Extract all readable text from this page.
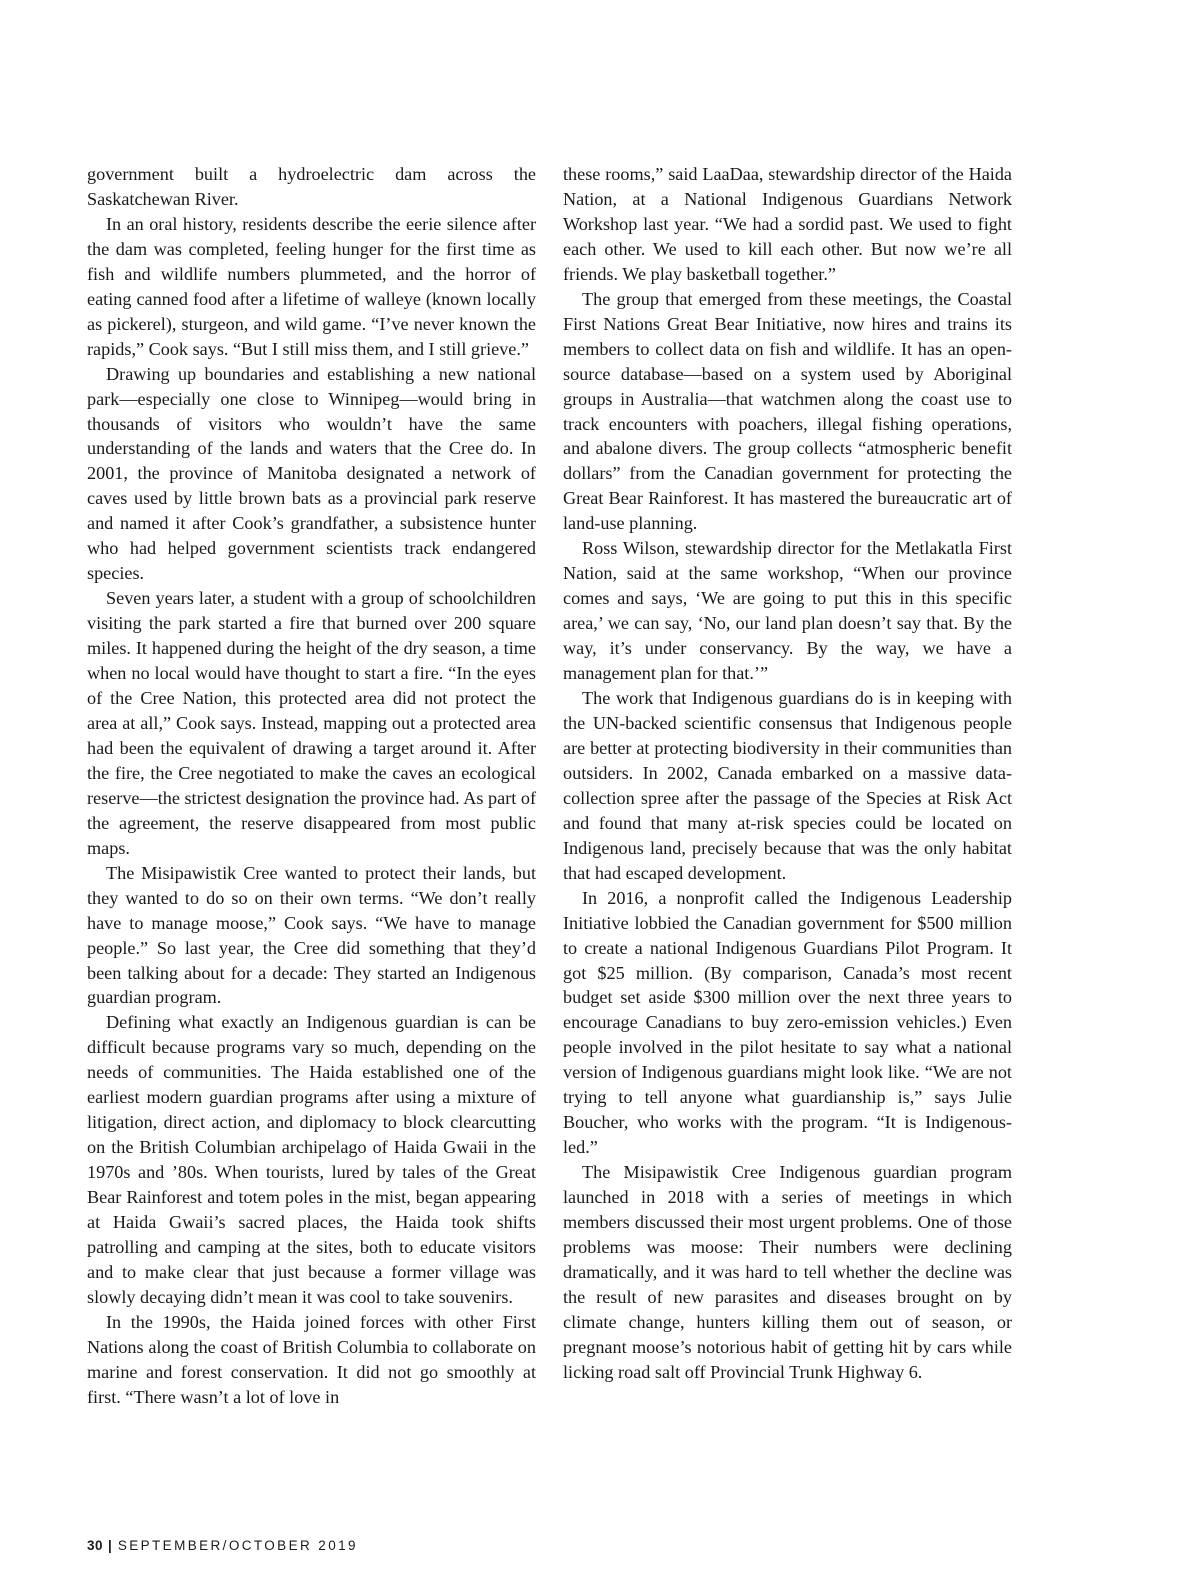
government built a hydroelectric dam across the Saskatchewan River.

In an oral history, residents describe the eerie silence after the dam was completed, feeling hunger for the first time as fish and wildlife numbers plummeted, and the horror of eating canned food after a lifetime of walleye (known locally as pickerel), sturgeon, and wild game. “I’ve never known the rapids,” Cook says. “But I still miss them, and I still grieve.”

Drawing up boundaries and establishing a new national park—especially one close to Winnipeg—would bring in thousands of visitors who wouldn’t have the same understanding of the lands and waters that the Cree do. In 2001, the province of Manitoba designated a network of caves used by little brown bats as a provincial park reserve and named it after Cook’s grandfather, a subsistence hunter who had helped government scientists track endangered species.

Seven years later, a student with a group of schoolchildren visiting the park started a fire that burned over 200 square miles. It happened during the height of the dry season, a time when no local would have thought to start a fire. “In the eyes of the Cree Nation, this protected area did not protect the area at all,” Cook says. Instead, mapping out a protected area had been the equivalent of drawing a target around it. After the fire, the Cree negotiated to make the caves an ecological reserve—the strictest designation the province had. As part of the agreement, the reserve disappeared from most public maps.

The Misipawistik Cree wanted to protect their lands, but they wanted to do so on their own terms. “We don’t really have to manage moose,” Cook says. “We have to manage people.” So last year, the Cree did something that they’d been talking about for a decade: They started an Indigenous guardian program.

Defining what exactly an Indigenous guardian is can be difficult because programs vary so much, depending on the needs of communities. The Haida established one of the earliest modern guardian programs after using a mixture of litigation, direct action, and diplomacy to block clearcutting on the British Columbian archipelago of Haida Gwaii in the 1970s and ’80s. When tourists, lured by tales of the Great Bear Rainforest and totem poles in the mist, began appearing at Haida Gwaii’s sacred places, the Haida took shifts patrolling and camping at the sites, both to educate visitors and to make clear that just because a former village was slowly decaying didn’t mean it was cool to take souvenirs.

In the 1990s, the Haida joined forces with other First Nations along the coast of British Columbia to collaborate on marine and forest conservation. It did not go smoothly at first. “There wasn’t a lot of love in

these rooms,” said LaaDaa, stewardship director of the Haida Nation, at a National Indigenous Guardians Network Workshop last year. “We had a sordid past. We used to fight each other. We used to kill each other. But now we’re all friends. We play basketball together.”

The group that emerged from these meetings, the Coastal First Nations Great Bear Initiative, now hires and trains its members to collect data on fish and wildlife. It has an open-source database—based on a system used by Aboriginal groups in Australia—that watchmen along the coast use to track encounters with poachers, illegal fishing operations, and abalone divers. The group collects “atmospheric benefit dollars” from the Canadian government for protecting the Great Bear Rainforest. It has mastered the bureaucratic art of land-use planning.

Ross Wilson, stewardship director for the Metlakatla First Nation, said at the same workshop, “When our province comes and says, ‘We are going to put this in this specific area,’ we can say, ‘No, our land plan doesn’t say that. By the way, it’s under conservancy. By the way, we have a management plan for that.’”

The work that Indigenous guardians do is in keeping with the UN-backed scientific consensus that Indigenous people are better at protecting biodiversity in their communities than outsiders. In 2002, Canada embarked on a massive data-collection spree after the passage of the Species at Risk Act and found that many at-risk species could be located on Indigenous land, precisely because that was the only habitat that had escaped development.

In 2016, a nonprofit called the Indigenous Leadership Initiative lobbied the Canadian government for $500 million to create a national Indigenous Guardians Pilot Program. It got $25 million. (By comparison, Canada’s most recent budget set aside $300 million over the next three years to encourage Canadians to buy zero-emission vehicles.) Even people involved in the pilot hesitate to say what a national version of Indigenous guardians might look like. “We are not trying to tell anyone what guardianship is,” says Julie Boucher, who works with the program. “It is Indigenous-led.”

The Misipawistik Cree Indigenous guardian program launched in 2018 with a series of meetings in which members discussed their most urgent problems. One of those problems was moose: Their numbers were declining dramatically, and it was hard to tell whether the decline was the result of new parasites and diseases brought on by climate change, hunters killing them out of season, or pregnant moose’s notorious habit of getting hit by cars while licking road salt off Provincial Trunk Highway 6.

30 | SEPTEMBER/OCTOBER 2019
